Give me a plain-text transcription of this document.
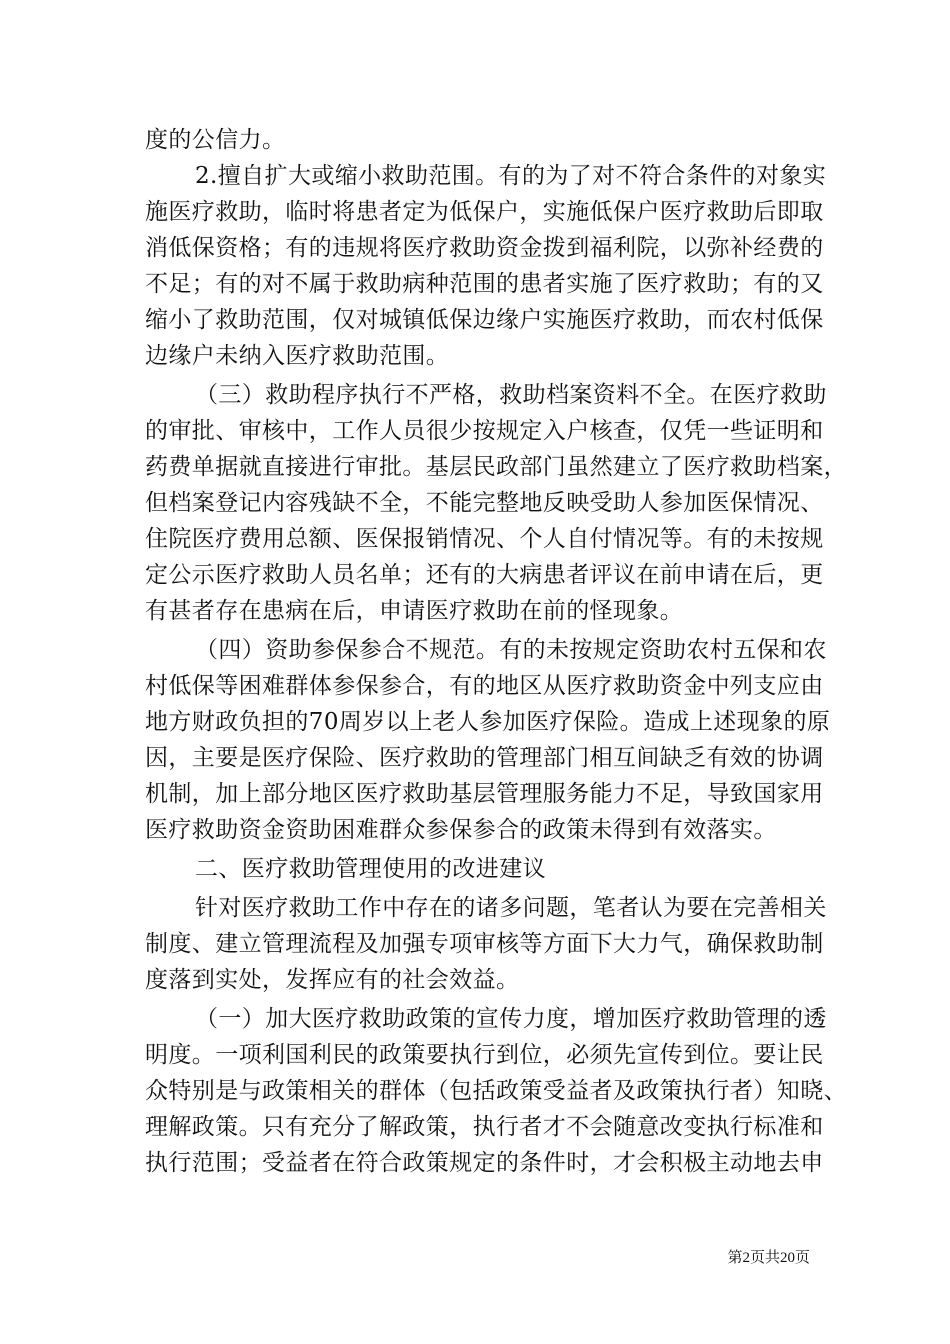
度的公信力。
2.擅自扩大或缩小救助范围。有的为了对不符合条件的对象实
施医疗救助，临时将患者定为低保户，实施低保户医疗救助后即取
消低保资格；有的违规将医疗救助资金拨到福利院，以弥补经费的
不足；有的对不属于救助病种范围的患者实施了医疗救助；有的又
缩小了救助范围，仅对城镇低保边缘户实施医疗救助，而农村低保
边缘户未纳入医疗救助范围。
（三）救助程序执行不严格，救助档案资料不全。在医疗救助
的审批、审核中，工作人员很少按规定入户核查，仅凭一些证明和
药费单据就直接进行审批。基层民政部门虽然建立了医疗救助档案，
但档案登记内容残缺不全，不能完整地反映受助人参加医保情况、
住院医疗费用总额、医保报销情况、个人自付情况等。有的未按规
定公示医疗救助人员名单；还有的大病患者评议在前申请在后，更
有甚者存在患病在后，申请医疗救助在前的怪现象。
（四）资助参保参合不规范。有的未按规定资助农村五保和农
村低保等困难群体参保参合，有的地区从医疗救助资金中列支应由
地方财政负担的70周岁以上老人参加医疗保险。造成上述现象的原
因，主要是医疗保险、医疗救助的管理部门相互间缺乏有效的协调
机制，加上部分地区医疗救助基层管理服务能力不足，导致国家用
医疗救助资金资助困难群众参保参合的政策未得到有效落实。
二、医疗救助管理使用的改进建议
针对医疗救助工作中存在的诸多问题，笔者认为要在完善相关
制度、建立管理流程及加强专项审核等方面下大力气，确保救助制
度落到实处，发挥应有的社会效益。
（一）加大医疗救助政策的宣传力度，增加医疗救助管理的透
明度。一项利国利民的政策要执行到位，必须先宣传到位。要让民
众特别是与政策相关的群体（包括政策受益者及政策执行者）知晓、
理解政策。只有充分了解政策，执行者才不会随意改变执行标准和
执行范围；受益者在符合政策规定的条件时，才会积极主动地去申
第2页共20页
